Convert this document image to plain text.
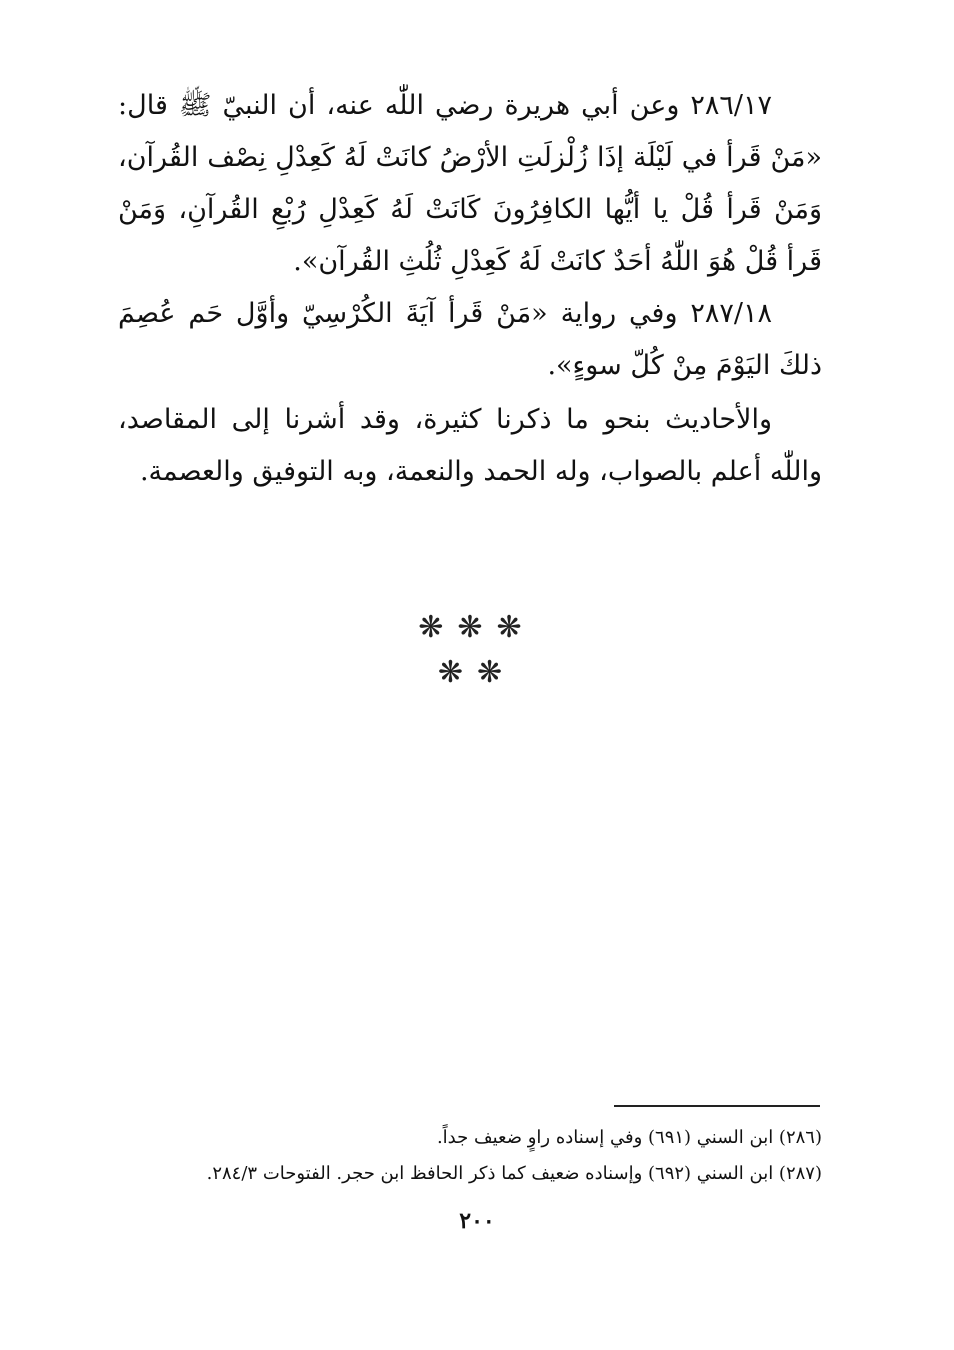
٢٨٦/١٧ وعن أبي هريرة رضي اللّٰه عنه، أن النبيّ ﷺ قال: «مَنْ قَرأ في لَيْلَة إذَا زُلْزلَتِ الأرْضُ كانَتْ لَهُ كَعِدْلِ نِصْف القُرآن، وَمَنْ قَرأ قُلْ يا أيُّها الكافِرُونَ كَانَتْ لَهُ كَعِدْلِ رُبْعِ القُرآنِ، وَمَنْ قَرأ قُلْ هُوَ اللّٰهُ أحَدٌ كانَتْ لَهُ كَعِدْلِ ثُلُثِ القُرآن».

٢٨٧/١٨ وفي رواية «مَنْ قَرأ آيَةَ الكُرْسِيّ وأوَّل حَم عُصِمَ ذلكَ اليَوْمَ مِنْ كُلّ سوءٍ».

والأحاديث بنحو ما ذكرنا كثيرة، وقد أشرنا إلى المقاصد، واللّٰه أعلم بالصواب، وله الحمد والنعمة، وبه التوفيق والعصمة.

❋❋❋
❋❋
(٢٨٦) ابن السني (٦٩١) وفي إسناده راوٍ ضعيف جداً.
(٢٨٧) ابن السني (٦٩٢) وإسناده ضعيف كما ذكر الحافظ ابن حجر. الفتوحات ٢٨٤/٣.
٢٠٠
